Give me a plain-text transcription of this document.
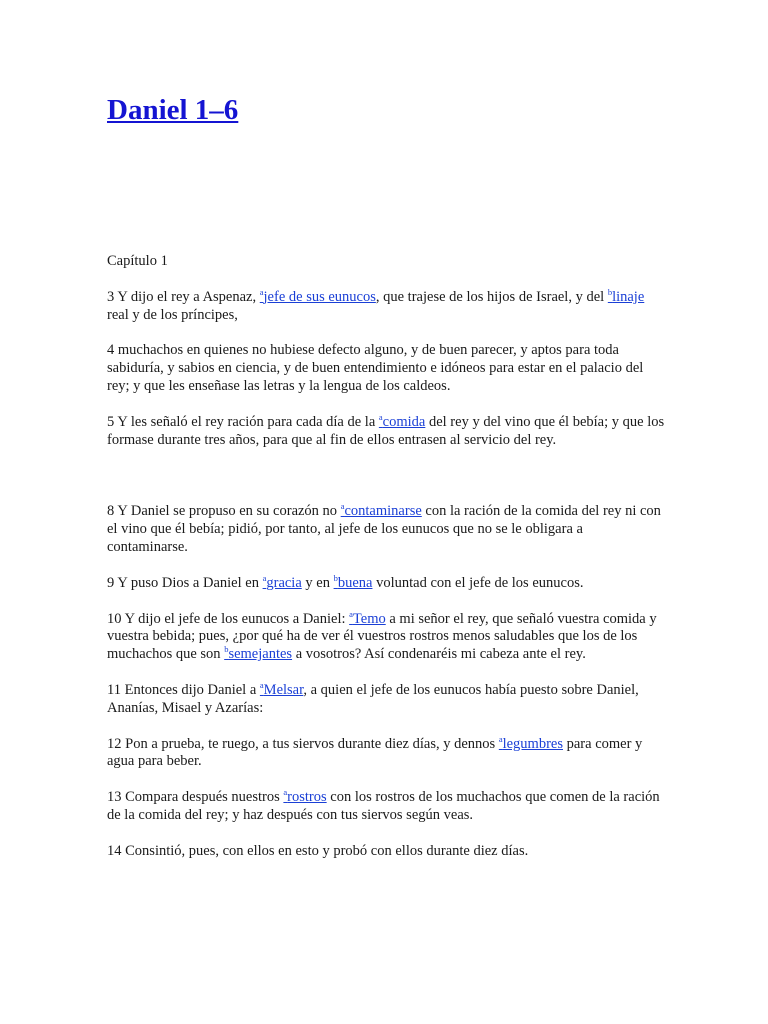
Daniel 1–6

Capítulo 1

3 Y dijo el rey a Aspenaz, $^a$jefe de sus eunucos, que trajese de los hijos de Israel, y del $^b$linaje real y de los príncipes,

4 muchachos en quienes no hubiese defecto alguno, y de buen parecer, y aptos para toda sabiduría, y sabios en ciencia, y de buen entendimiento e idóneos para estar en el palacio del rey; y que les enseñase las letras y la lengua de los caldeos.

5 Y les señaló el rey ración para cada día de la $^a$comida del rey y del vino que él bebía; y que los formase durante tres años, para que al fin de ellos entrasen al servicio del rey.

8 Y Daniel se propuso en su corazón no $^a$contaminarse con la ración de la comida del rey ni con el vino que él bebía; pidió, por tanto, al jefe de los eunucos que no se le obligara a contaminarse.

9 Y puso Dios a Daniel en $^a$gracia y en $^b$buena voluntad con el jefe de los eunucos.

10 Y dijo el jefe de los eunucos a Daniel: $^a$Temo a mi señor el rey, que señaló vuestra comida y vuestra bebida; pues, ¿por qué ha de ver él vuestros rostros menos saludables que los de los muchachos que son $^b$semejantes a vosotros? Así condenaréis mi cabeza ante el rey.

11 Entonces dijo Daniel a $^a$Melsar, a quien el jefe de los eunucos había puesto sobre Daniel, Ananías, Misael y Azarías:

12 Pon a prueba, te ruego, a tus siervos durante diez días, y dennos $^a$legumbres para comer y agua para beber.

13 Compara después nuestros $^a$rostros con los rostros de los muchachos que comen de la ración de la comida del rey; y haz después con tus siervos según veas.

14 Consintió, pues, con ellos en esto y probó con ellos durante diez días.
